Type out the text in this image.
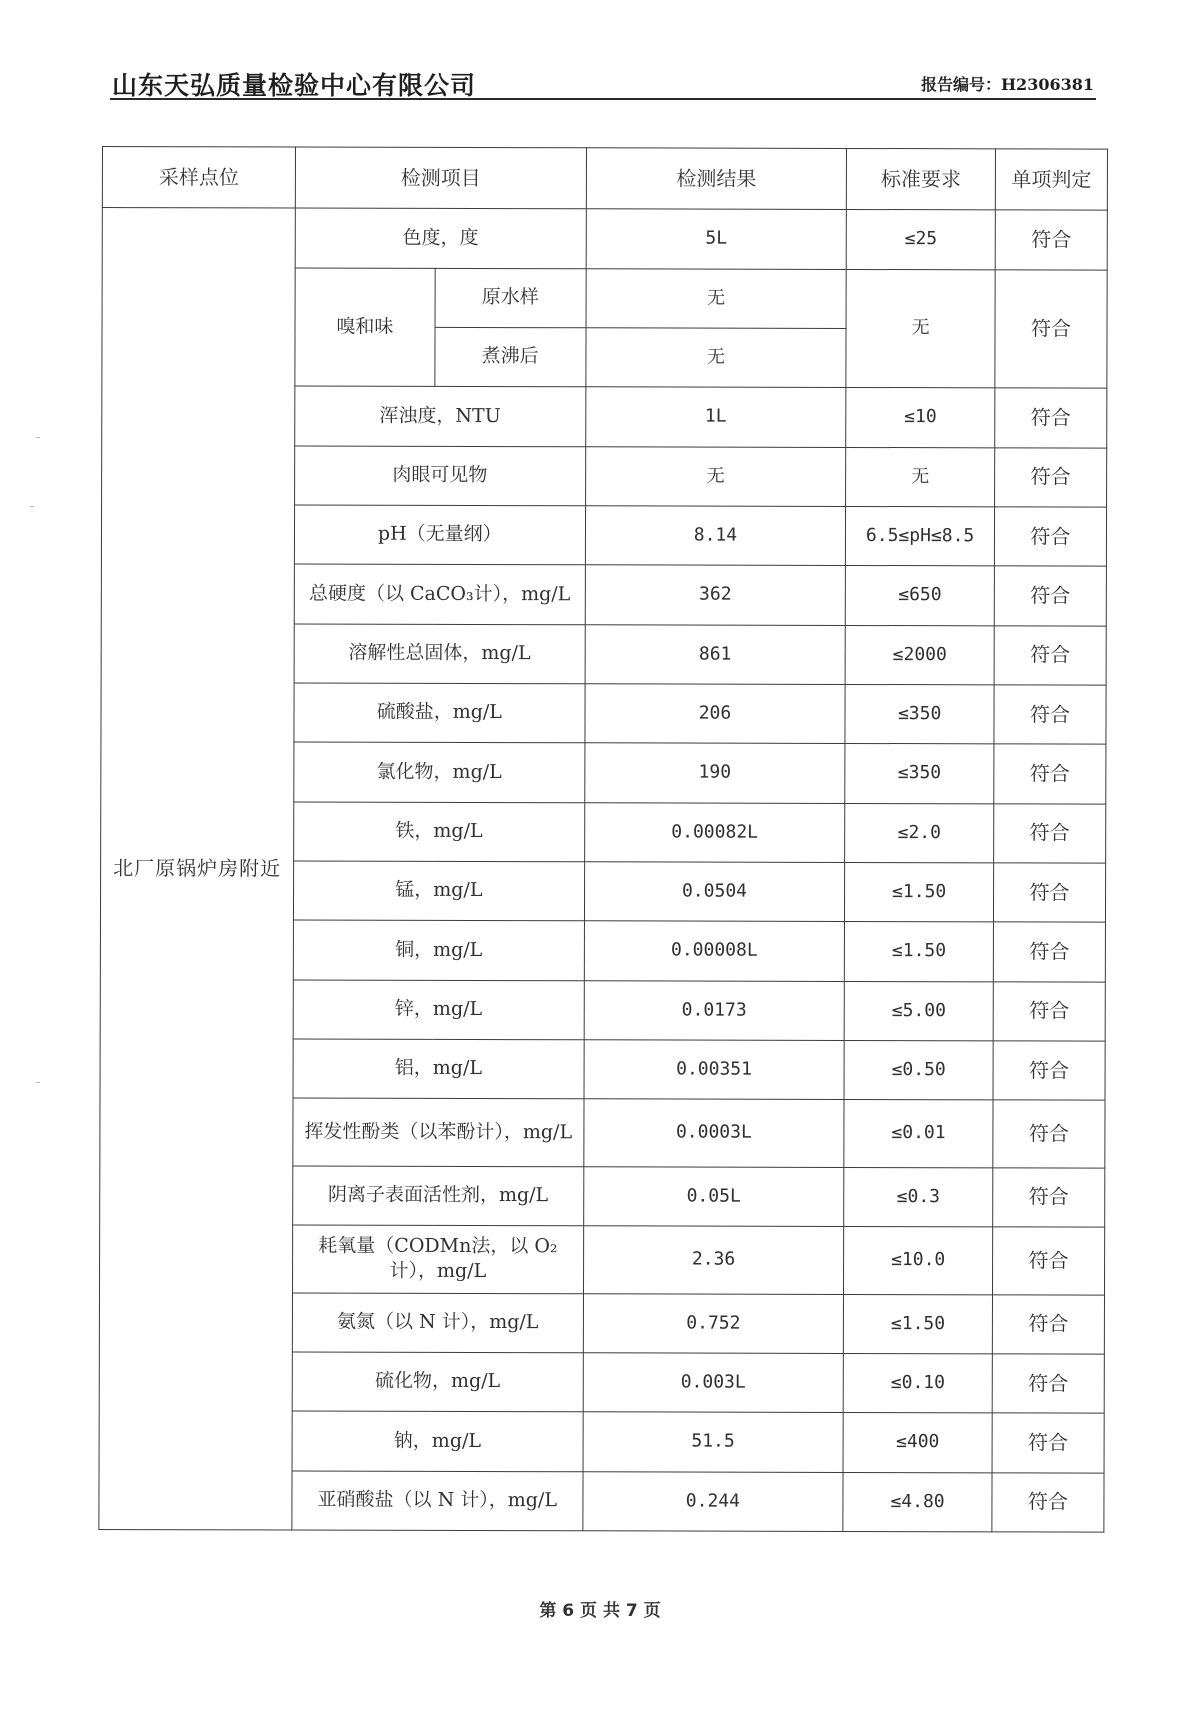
山东天弘质量检验中心有限公司	报告编号：H2306381
采样点位	检测项目		检测结果	标准要求	单项判定
北厂原锅炉房附近	色度，度		5L	≤25	符合
	嗅和味	原水样	无	无	符合
		煮沸后	无		
	浑浊度，NTU		1L	≤10	符合
	肉眼可见物		无	无	符合
	pH（无量纲）		8.14	6.5≤pH≤8.5	符合
	总硬度（以 CaCO₃计），mg/L		362	≤650	符合
	溶解性总固体，mg/L		861	≤2000	符合
	硫酸盐，mg/L		206	≤350	符合
	氯化物，mg/L		190	≤350	符合
	铁，mg/L		0.00082L	≤2.0	符合
	锰，mg/L		0.0504	≤1.50	符合
	铜，mg/L		0.00008L	≤1.50	符合
	锌，mg/L		0.0173	≤5.00	符合
	铝，mg/L		0.00351	≤0.50	符合
	挥发性酚类（以苯酚计），mg/L		0.0003L	≤0.01	符合
	阴离子表面活性剂，mg/L		0.05L	≤0.3	符合
	耗氧量（CODMn法，以 O₂计），mg/L		2.36	≤10.0	符合
	氨氮（以 N 计），mg/L		0.752	≤1.50	符合
	硫化物，mg/L		0.003L	≤0.10	符合
	钠，mg/L		51.5	≤400	符合
	亚硝酸盐（以 N 计），mg/L		0.244	≤4.80	符合
第 6 页 共 7 页
